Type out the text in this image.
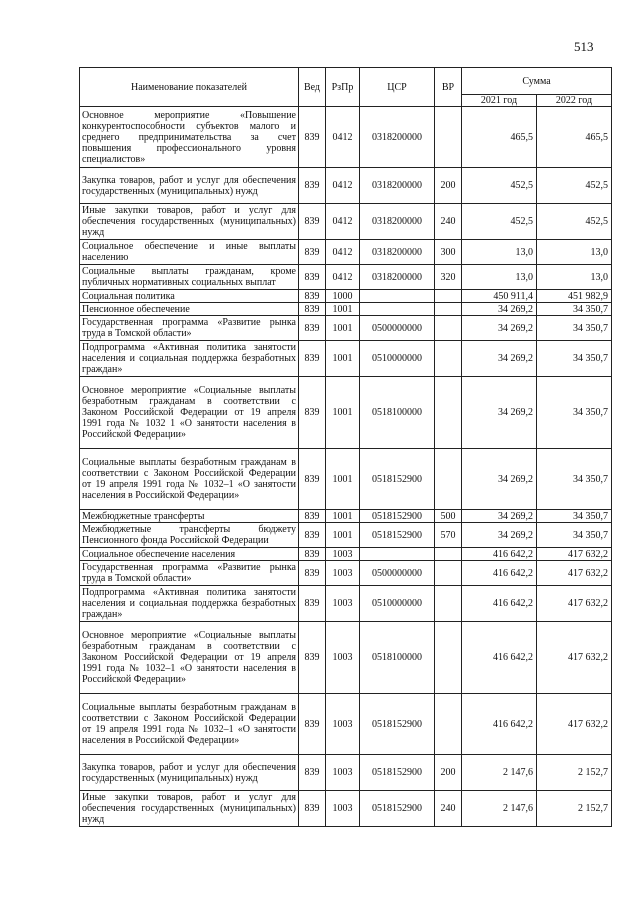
513
Наименование показателей	Вед	РзПр	ЦСР	ВР	Сумма	
					2021 год	2022 год
Основное мероприятие «Повышение конкурентоспособности субъектов малого и среднего предпринимательства за счет повышения профессионального уровня специалистов»	839	0412	0318200000		465,5	465,5
Закупка товаров, работ и услуг для обеспечения государственных (муниципальных) нужд	839	0412	0318200000	200	452,5	452,5
Иные закупки товаров, работ и услуг для обеспечения государственных (муниципальных) нужд	839	0412	0318200000	240	452,5	452,5
Социальное обеспечение и иные выплаты населению	839	0412	0318200000	300	13,0	13,0
Социальные выплаты гражданам, кроме публичных нормативных социальных выплат	839	0412	0318200000	320	13,0	13,0
Социальная политика	839	1000			450 911,4	451 982,9
Пенсионное обеспечение	839	1001			34 269,2	34 350,7
Государственная программа «Развитие рынка труда в Томской области»	839	1001	0500000000		34 269,2	34 350,7
Подпрограмма «Активная политика занятости населения и социальная поддержка безработных граждан»	839	1001	0510000000		34 269,2	34 350,7
Основное мероприятие «Социальные выплаты безработным гражданам в соответствии с Законом Российской Федерации от 19 апреля 1991 года № 1032 1 «О занятости населения в Российской Федерации»	839	1001	0518100000		34 269,2	34 350,7
Социальные выплаты безработным гражданам в соответствии с Законом Российской Федерации от 19 апреля 1991 года № 1032–1 «О занятости населения в Российской Федерации»	839	1001	0518152900		34 269,2	34 350,7
Межбюджетные трансферты	839	1001	0518152900	500	34 269,2	34 350,7
Межбюджетные трансферты бюджету Пенсионного фонда Российской Федерации	839	1001	0518152900	570	34 269,2	34 350,7
Социальное обеспечение населения	839	1003			416 642,2	417 632,2
Государственная программа «Развитие рынка труда в Томской области»	839	1003	0500000000		416 642,2	417 632,2
Подпрограмма «Активная политика занятости населения и социальная поддержка безработных граждан»	839	1003	0510000000		416 642,2	417 632,2
Основное мероприятие «Социальные выплаты безработным гражданам в соответствии с Законом Российской Федерации от 19 апреля 1991 года № 1032–1 «О занятости населения в Российской Федерации»	839	1003	0518100000		416 642,2	417 632,2
Социальные выплаты безработным гражданам в соответствии с Законом Российской Федерации от 19 апреля 1991 года № 1032–1 «О занятости населения в Российской Федерации»	839	1003	0518152900		416 642,2	417 632,2
Закупка товаров, работ и услуг для обеспечения государственных (муниципальных) нужд	839	1003	0518152900	200	2 147,6	2 152,7
Иные закупки товаров, работ и услуг для обеспечения государственных (муниципальных) нужд	839	1003	0518152900	240	2 147,6	2 152,7
